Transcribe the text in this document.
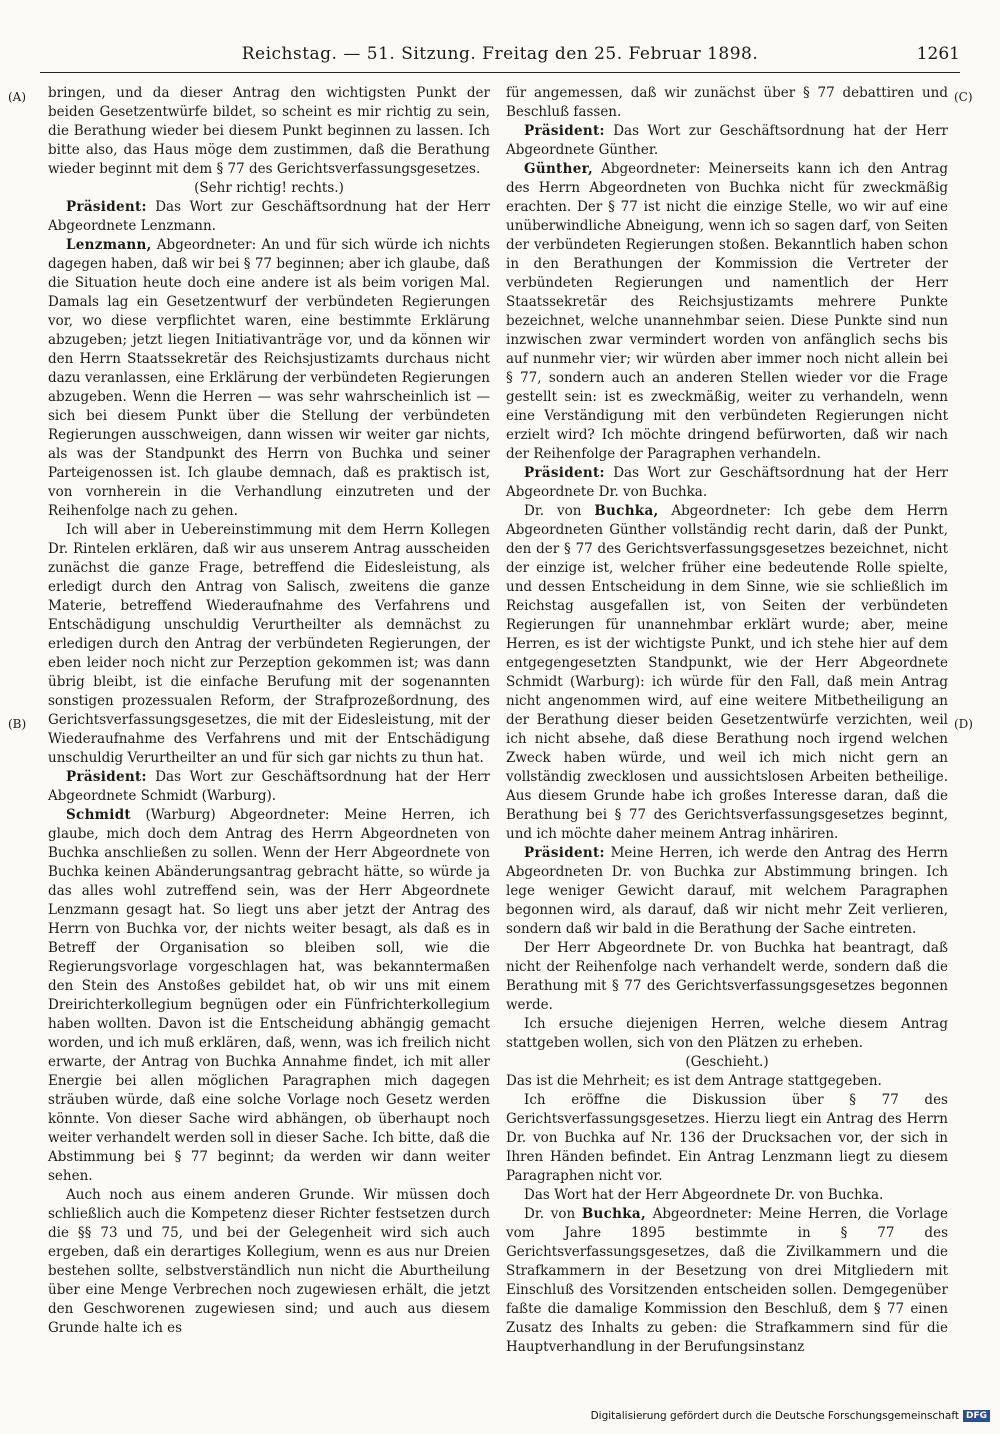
Reichstag. — 51. Sitzung. Freitag den 25. Februar 1898.	1261
(A)
(B)
(C)
(D)

bringen, und da dieser Antrag den wichtigsten Punkt der beiden Gesetzentwürfe bildet, so scheint es mir richtig zu sein, die Berathung wieder bei diesem Punkt beginnen zu lassen. Ich bitte also, das Haus möge dem zustimmen, daß die Berathung wieder beginnt mit dem § 77 des Gerichtsverfassungsgesetzes.

(Sehr richtig! rechts.)

Präsident: Das Wort zur Geschäftsordnung hat der Herr Abgeordnete Lenzmann.

Lenzmann, Abgeordneter: An und für sich würde ich nichts dagegen haben, daß wir bei § 77 beginnen; aber ich glaube, daß die Situation heute doch eine andere ist als beim vorigen Mal. Damals lag ein Gesetzentwurf der verbündeten Regierungen vor, wo diese verpflichtet waren, eine bestimmte Erklärung abzugeben; jetzt liegen Initiativanträge vor, und da können wir den Herrn Staatssekretär des Reichsjustizamts durchaus nicht dazu veranlassen, eine Erklärung der verbündeten Regierungen abzugeben. Wenn die Herren — was sehr wahrscheinlich ist — sich bei diesem Punkt über die Stellung der verbündeten Regierungen ausschweigen, dann wissen wir weiter gar nichts, als was der Standpunkt des Herrn von Buchka und seiner Parteigenossen ist. Ich glaube demnach, daß es praktisch ist, von vornherein in die Verhandlung einzutreten und der Reihenfolge nach zu gehen.

Ich will aber in Uebereinstimmung mit dem Herrn Kollegen Dr. Rintelen erklären, daß wir aus unserem Antrag ausscheiden zunächst die ganze Frage, betreffend die Eidesleistung, als erledigt durch den Antrag von Salisch, zweitens die ganze Materie, betreffend Wiederaufnahme des Verfahrens und Entschädigung unschuldig Verurtheilter als demnächst zu erledigen durch den Antrag der verbündeten Regierungen, der eben leider noch nicht zur Perzeption gekommen ist; was dann übrig bleibt, ist die einfache Berufung mit der sogenannten sonstigen prozessualen Reform, der Strafprozeßordnung, des Gerichtsverfassungsgesetzes, die mit der Eidesleistung, mit der Wiederaufnahme des Verfahrens und mit der Entschädigung unschuldig Verurtheilter an und für sich gar nichts zu thun hat.

Präsident: Das Wort zur Geschäftsordnung hat der Herr Abgeordnete Schmidt (Warburg).

Schmidt (Warburg) Abgeordneter: Meine Herren, ich glaube, mich doch dem Antrag des Herrn Abgeordneten von Buchka anschließen zu sollen. Wenn der Herr Abgeordnete von Buchka keinen Abänderungsantrag gebracht hätte, so würde ja das alles wohl zutreffend sein, was der Herr Abgeordnete Lenzmann gesagt hat. So liegt uns aber jetzt der Antrag des Herrn von Buchka vor, der nichts weiter besagt, als daß es in Betreff der Organisation so bleiben soll, wie die Regierungsvorlage vorgeschlagen hat, was bekanntermaßen den Stein des Anstoßes gebildet hat, ob wir uns mit einem Dreirichterkollegium begnügen oder ein Fünfrichterkollegium haben wollten. Davon ist die Entscheidung abhängig gemacht worden, und ich muß erklären, daß, wenn, was ich freilich nicht erwarte, der Antrag von Buchka Annahme findet, ich mit aller Energie bei allen möglichen Paragraphen mich dagegen sträuben würde, daß eine solche Vorlage noch Gesetz werden könnte. Von dieser Sache wird abhängen, ob überhaupt noch weiter verhandelt werden soll in dieser Sache. Ich bitte, daß die Abstimmung bei § 77 beginnt; da werden wir dann weiter sehen.

Auch noch aus einem anderen Grunde. Wir müssen doch schließlich auch die Kompetenz dieser Richter festsetzen durch die §§ 73 und 75, und bei der Gelegenheit wird sich auch ergeben, daß ein derartiges Kollegium, wenn es aus nur Dreien bestehen sollte, selbstverständlich nun nicht die Aburtheilung über eine Menge Verbrechen noch zugewiesen erhält, die jetzt den Geschworenen zugewiesen sind; und auch aus diesem Grunde halte ich es

für angemessen, daß wir zunächst über § 77 debattiren und Beschluß fassen.

Präsident: Das Wort zur Geschäftsordnung hat der Herr Abgeordnete Günther.

Günther, Abgeordneter: Meinerseits kann ich den Antrag des Herrn Abgeordneten von Buchka nicht für zweckmäßig erachten. Der § 77 ist nicht die einzige Stelle, wo wir auf eine unüberwindliche Abneigung, wenn ich so sagen darf, von Seiten der verbündeten Regierungen stoßen. Bekanntlich haben schon in den Berathungen der Kommission die Vertreter der verbündeten Regierungen und namentlich der Herr Staatssekretär des Reichsjustizamts mehrere Punkte bezeichnet, welche unannehmbar seien. Diese Punkte sind nun inzwischen zwar vermindert worden von anfänglich sechs bis auf nunmehr vier; wir würden aber immer noch nicht allein bei § 77, sondern auch an anderen Stellen wieder vor die Frage gestellt sein: ist es zweckmäßig, weiter zu verhandeln, wenn eine Verständigung mit den verbündeten Regierungen nicht erzielt wird? Ich möchte dringend befürworten, daß wir nach der Reihenfolge der Paragraphen verhandeln.

Präsident: Das Wort zur Geschäftsordnung hat der Herr Abgeordnete Dr. von Buchka.

Dr. von Buchka, Abgeordneter: Ich gebe dem Herrn Abgeordneten Günther vollständig recht darin, daß der Punkt, den der § 77 des Gerichtsverfassungsgesetzes bezeichnet, nicht der einzige ist, welcher früher eine bedeutende Rolle spielte, und dessen Entscheidung in dem Sinne, wie sie schließlich im Reichstag ausgefallen ist, von Seiten der verbündeten Regierungen für unannehmbar erklärt wurde; aber, meine Herren, es ist der wichtigste Punkt, und ich stehe hier auf dem entgegengesetzten Standpunkt, wie der Herr Abgeordnete Schmidt (Warburg): ich würde für den Fall, daß mein Antrag nicht angenommen wird, auf eine weitere Mitbetheiligung an der Berathung dieser beiden Gesetzentwürfe verzichten, weil ich nicht absehe, daß diese Berathung noch irgend welchen Zweck haben würde, und weil ich mich nicht gern an vollständig zwecklosen und aussichtslosen Arbeiten betheilige. Aus diesem Grunde habe ich großes Interesse daran, daß die Berathung bei § 77 des Gerichtsverfassungsgesetzes beginnt, und ich möchte daher meinem Antrag inhäriren.

Präsident: Meine Herren, ich werde den Antrag des Herrn Abgeordneten Dr. von Buchka zur Abstimmung bringen. Ich lege weniger Gewicht darauf, mit welchem Paragraphen begonnen wird, als darauf, daß wir nicht mehr Zeit verlieren, sondern daß wir bald in die Berathung der Sache eintreten.

Der Herr Abgeordnete Dr. von Buchka hat beantragt, daß nicht der Reihenfolge nach verhandelt werde, sondern daß die Berathung mit § 77 des Gerichtsverfassungsgesetzes begonnen werde.

Ich ersuche diejenigen Herren, welche diesem Antrag stattgeben wollen, sich von den Plätzen zu erheben.

(Geschieht.)

Das ist die Mehrheit; es ist dem Antrage stattgegeben.

Ich eröffne die Diskussion über § 77 des Gerichtsverfassungsgesetzes. Hierzu liegt ein Antrag des Herrn Dr. von Buchka auf Nr. 136 der Drucksachen vor, der sich in Ihren Händen befindet. Ein Antrag Lenzmann liegt zu diesem Paragraphen nicht vor.

Das Wort hat der Herr Abgeordnete Dr. von Buchka.

Dr. von Buchka, Abgeordneter: Meine Herren, die Vorlage vom Jahre 1895 bestimmte in § 77 des Gerichtsverfassungsgesetzes, daß die Zivilkammern und die Strafkammern in der Besetzung von drei Mitgliedern mit Einschluß des Vorsitzenden entscheiden sollen. Demgegenüber faßte die damalige Kommission den Beschluß, dem § 77 einen Zusatz des Inhalts zu geben: die Strafkammern sind für die Hauptverhandlung in der Berufungsinstanz

Digitalisierung gefördert durch die Deutsche Forschungsgemeinschaft DFG
